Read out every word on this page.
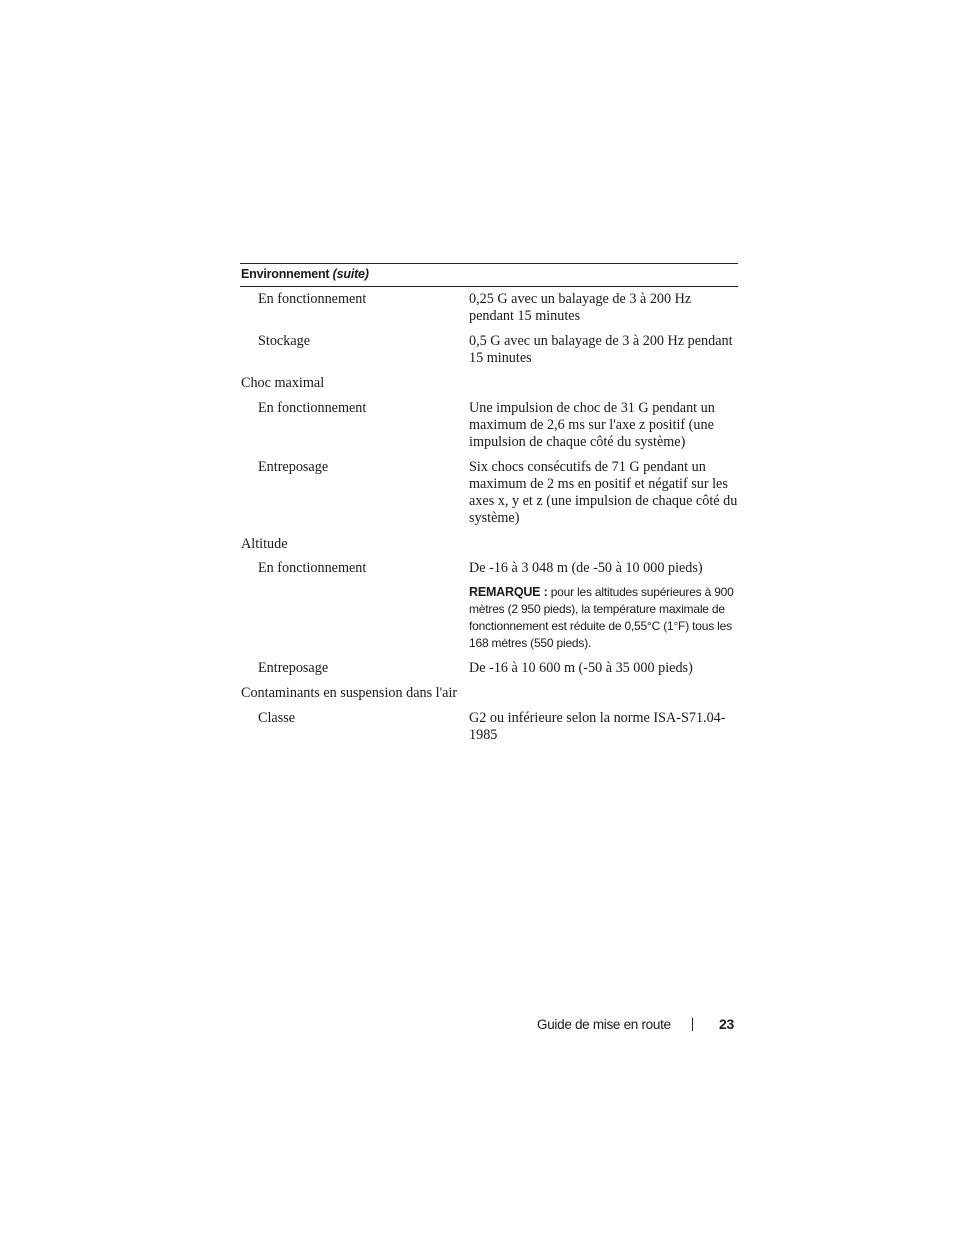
Environnement (suite)
En fonctionnement	0,25 G avec un balayage de 3 à 200 Hz pendant 15 minutes
Stockage	0,5 G avec un balayage de 3 à 200 Hz pendant 15 minutes
Choc maximal
En fonctionnement	Une impulsion de choc de 31 G pendant un maximum de 2,6 ms sur l'axe z positif (une impulsion de chaque côté du système)
Entreposage	Six chocs consécutifs de 71 G pendant un maximum de 2 ms en positif et négatif sur les axes x, y et z (une impulsion de chaque côté du système)
Altitude
En fonctionnement	De -16 à 3 048 m (de -50 à 10 000 pieds)
REMARQUE : pour les altitudes supérieures à 900 mètres (2 950 pieds), la température maximale de fonctionnement est réduite de 0,55°C (1°F) tous les 168 mètres (550 pieds).
Entreposage	De -16 à 10 600 m (-50 à 35 000 pieds)
Contaminants en suspension dans l'air
Classe	G2 ou inférieure selon la norme ISA-S71.04-1985
Guide de mise en route	23
